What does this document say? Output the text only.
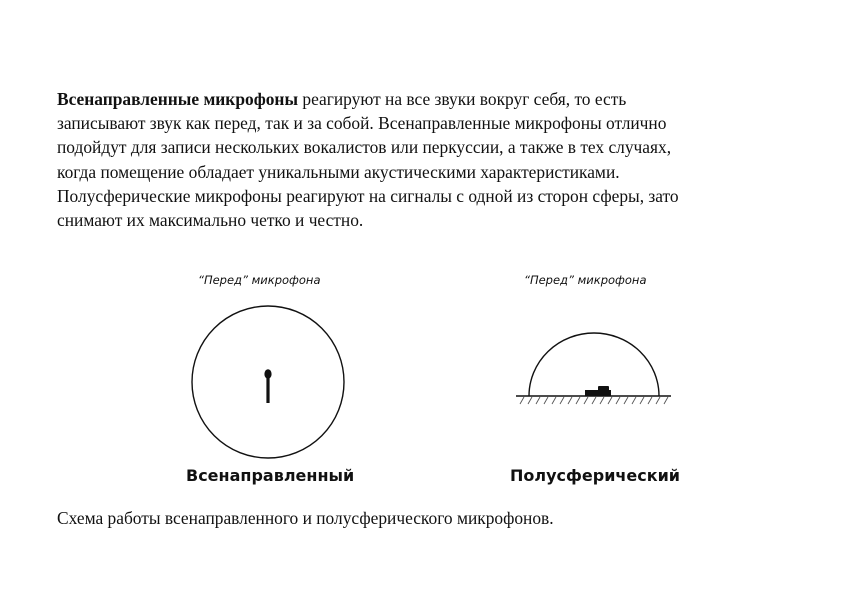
Всенаправленные микрофоны реагируют на все звуки вокруг себя, то есть
записывают звук как перед, так и за собой. Всенаправленные микрофоны отлично
подойдут для записи нескольких вокалистов или перкуссии, а также в тех случаях,
когда помещение обладает уникальными акустическими характеристиками.
Полусферические микрофоны реагируют на сигналы с одной из сторон сферы, зато
снимают их максимально четко и честно.
“Перед” микрофона	“Перед” микрофона
Всенаправленный	Полусферический

Схема работы всенаправленного и полусферического микрофонов.
